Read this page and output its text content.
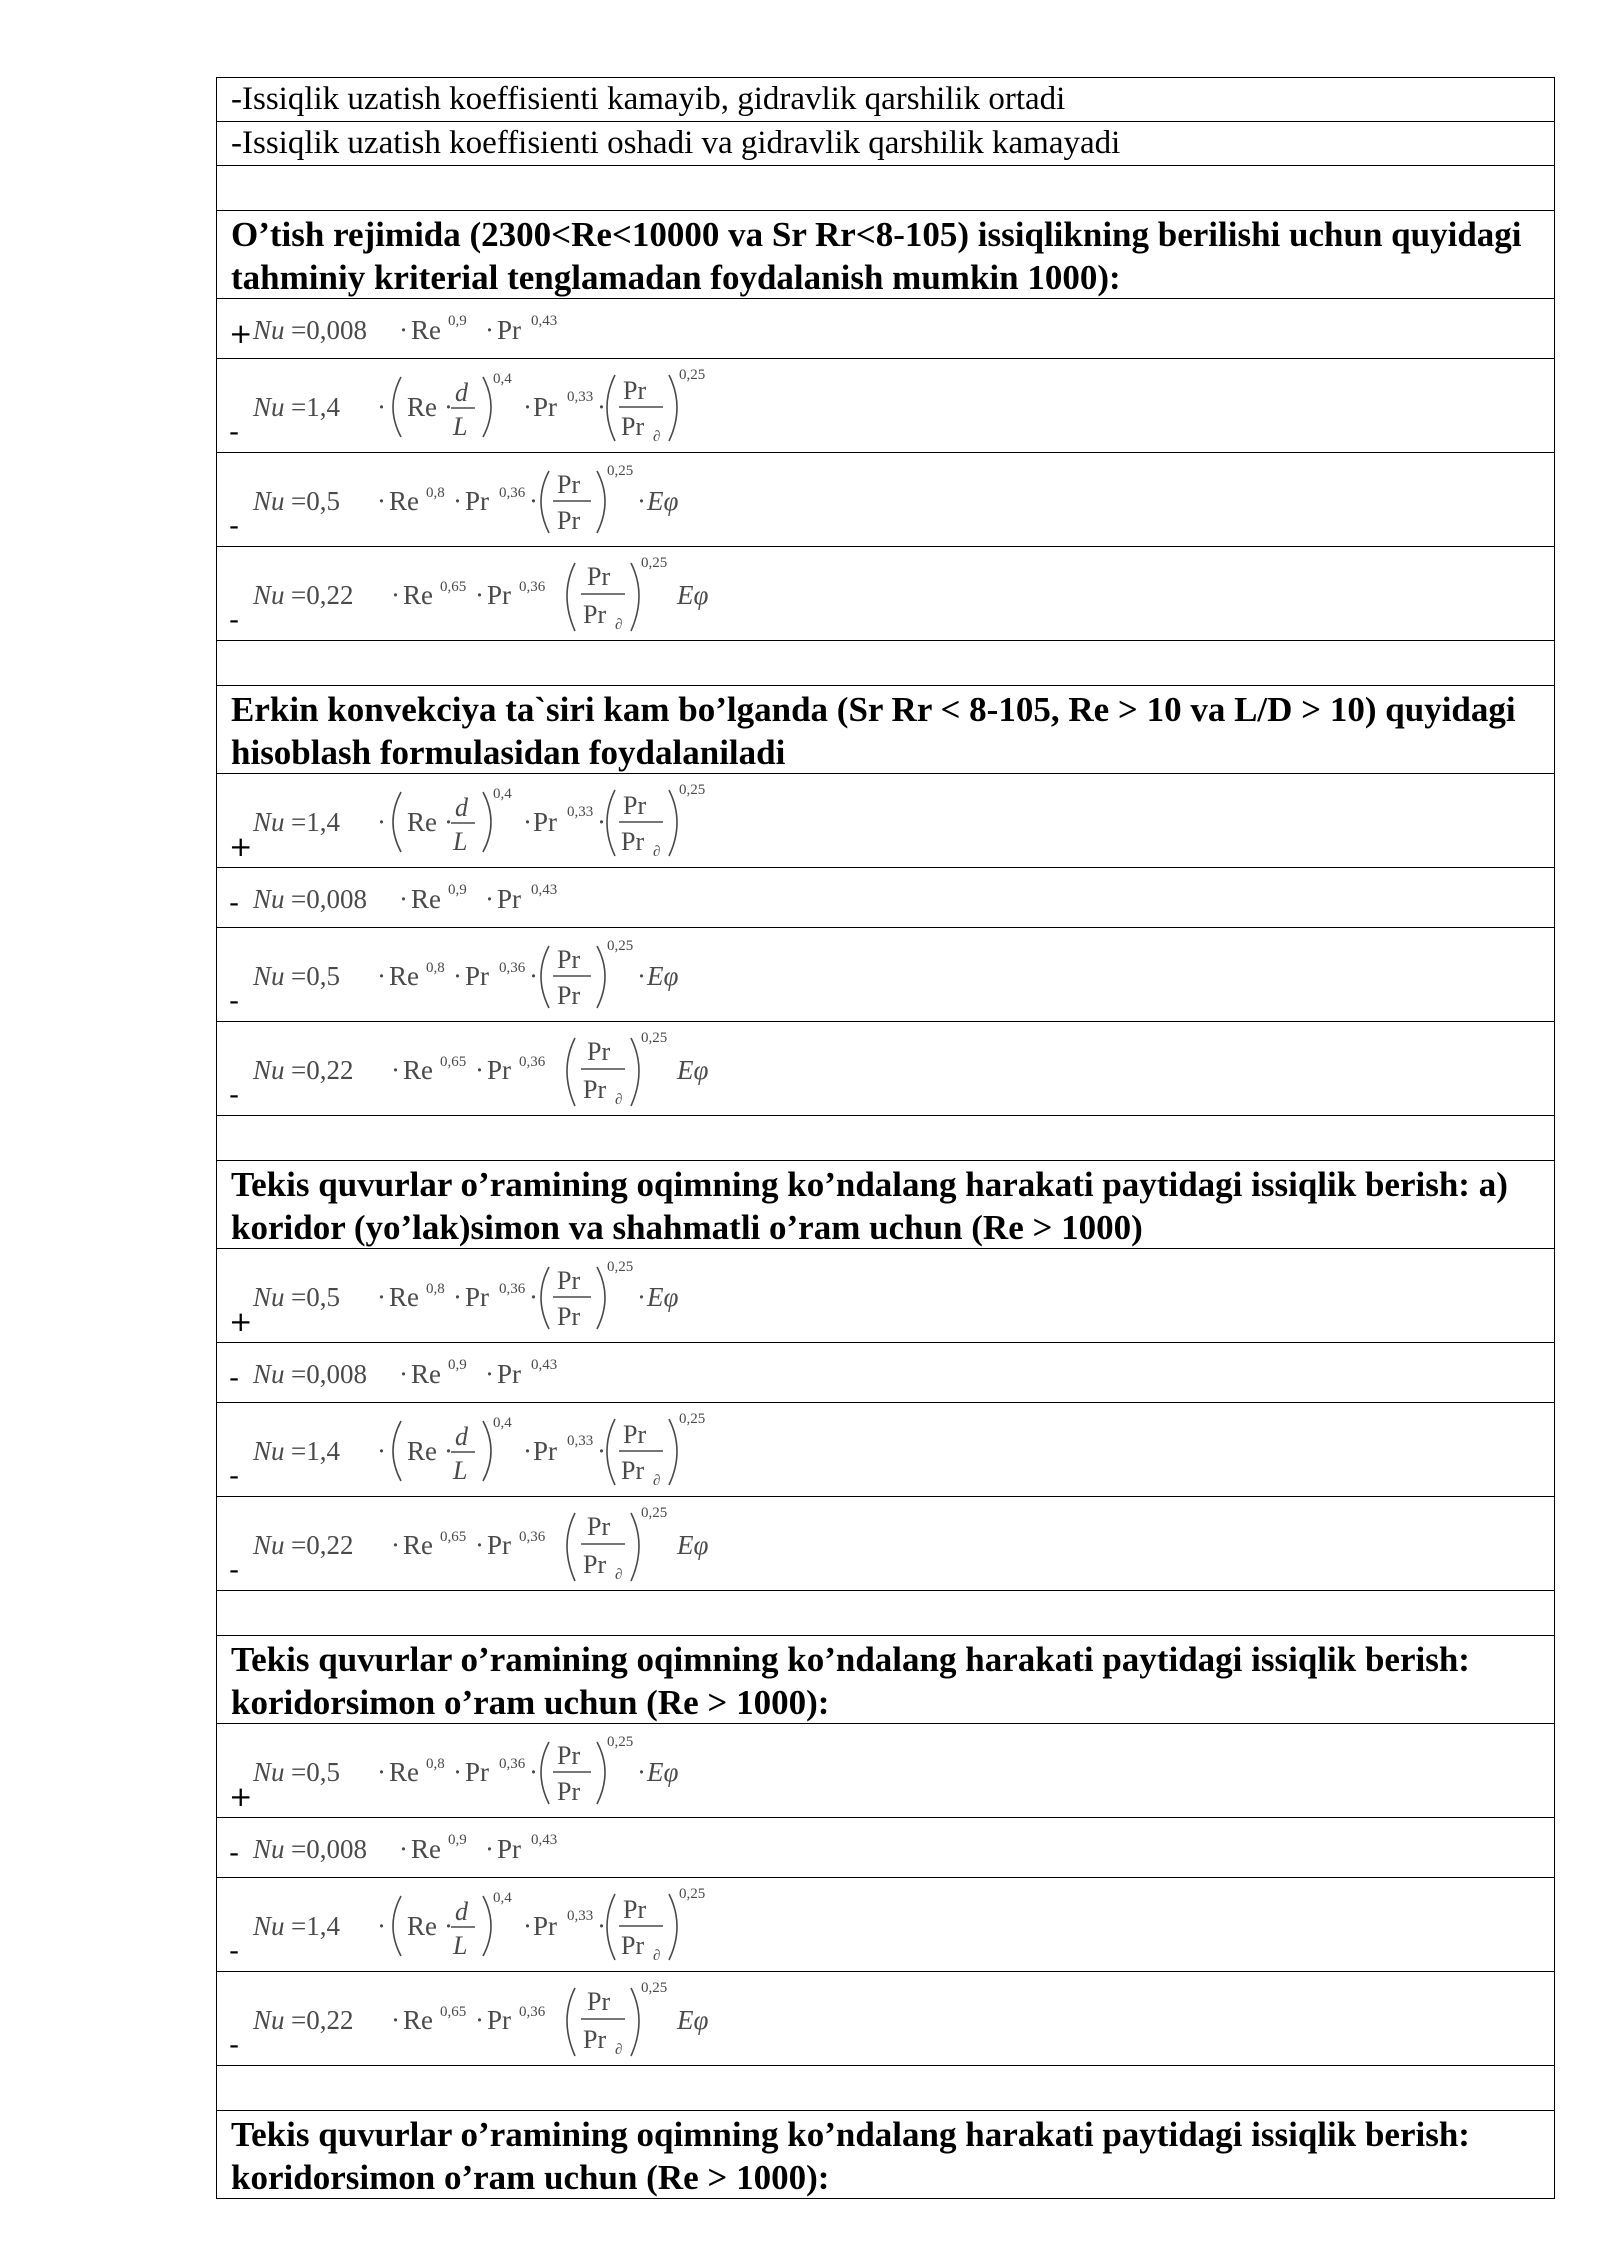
-Issiqlik uzatish koeffisienti kamayib, gidravlik qarshilik ortadi
-Issiqlik uzatish koeffisienti oshadi va gidravlik qarshilik kamayadi
O’tish rejimida (2300<Re<10000 va Sr Rr<8-105) issiqlikning berilishi uchun quyidagi tahminiy kriterial tenglamadan foydalanish mumkin 1000):
+ Nu =0,008 · Re 0,9 · Pr 0,43
-
Nu =1,4 · Re · d
L
0,4
· Pr 0,33 ·
Pr
Pr ∂
0,25
-
Nu =0,5 · Re 0,8 · Pr 0,36 ·
Pr
Pr
0,25
· Eφ
-
Nu =0,22 · Re 0,65 · Pr 0,36 Pr
Pr ∂
0,25
Eφ
Erkin konvekciya ta`siri kam bo’lganda (Sr Rr < 8-105, Re > 10 va L/D > 10) quyidagi hisoblash formulasidan foydalaniladi
+
Nu =1,4 · Re · d
L
0,4
· Pr 0,33 ·
Pr
Pr ∂
0,25
- Nu =0,008 · Re 0,9 · Pr 0,43
-
Nu =0,5 · Re 0,8 · Pr 0,36 ·
Pr
Pr
0,25
· Eφ
-
Nu =0,22 · Re 0,65 · Pr 0,36 Pr
Pr ∂
0,25
Eφ
Tekis quvurlar o’ramining oqimning ko’ndalang harakati paytidagi issiqlik berish: a) koridor (yo’lak)simon va shahmatli o’ram uchun (Re > 1000)
+
Nu =0,5 · Re 0,8 · Pr 0,36 ·
Pr
Pr
0,25
· Eφ
- Nu =0,008 · Re 0,9 · Pr 0,43
-
Nu =1,4 · Re · d
L
0,4
· Pr 0,33 ·
Pr
Pr ∂
0,25
-
Nu =0,22 · Re 0,65 · Pr 0,36 Pr
Pr ∂
0,25
Eφ
Tekis quvurlar o’ramining oqimning ko’ndalang harakati paytidagi issiqlik berish: koridorsimon o’ram uchun (Re > 1000):
+
Nu =0,5 · Re 0,8 · Pr 0,36 ·
Pr
Pr
0,25
· Eφ
- Nu =0,008 · Re 0,9 · Pr 0,43
-
Nu =1,4 · Re · d
L
0,4
· Pr 0,33 ·
Pr
Pr ∂
0,25
-
Nu =0,22 · Re 0,65 · Pr 0,36 Pr
Pr ∂
0,25
Eφ
Tekis quvurlar o’ramining oqimning ko’ndalang harakati paytidagi issiqlik berish: koridorsimon o’ram uchun (Re > 1000):
